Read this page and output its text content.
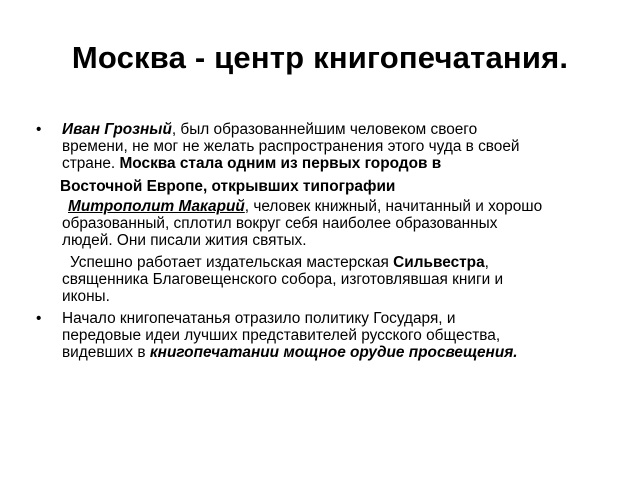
Москва - центр книгопечатания.
• Иван Грозный, был образованнейшим человеком своего
времени, не мог не желать распространения этого чуда в своей
стране. Москва стала одним из первых городов в
Восточной Европе, открывших типографии
Митрополит Макарий, человек книжный, начитанный и хорошо
образованный, сплотил вокруг себя наиболее образованных
людей. Они писали жития святых.
Успешно работает издательская мастерская Сильвестра,
священника Благовещенского собора, изготовлявшая книги и
иконы.
• Начало книгопечатанья отразило политику Государя, и
передовые идеи лучших представителей русского общества,
видевших в книгопечатании мощное орудие просвещения.
